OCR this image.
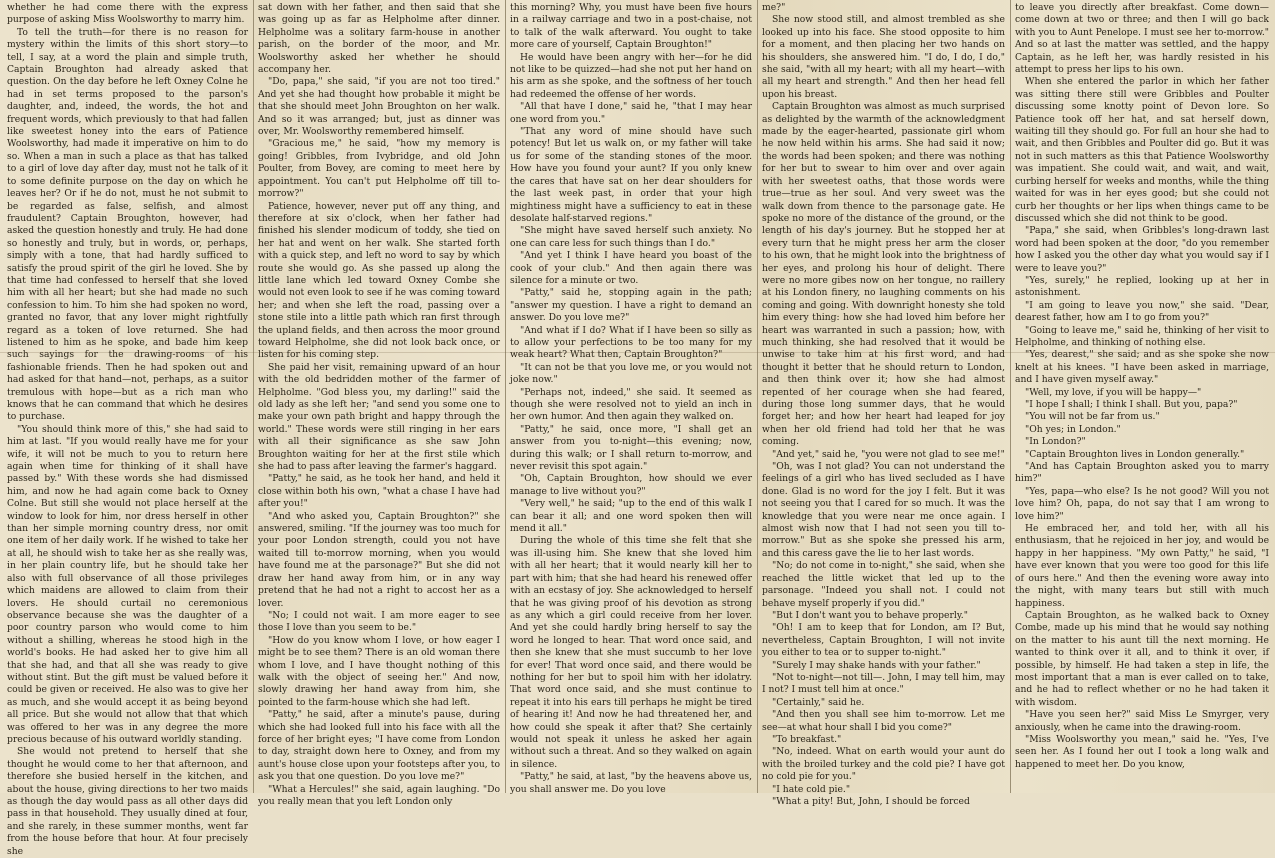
whether he had come there with the express purpose of asking Miss Woolsworthy to marry him.

To tell the truth—for there is no reason for mystery within the limits of this short story—to tell, I say, at a word the plain and simple truth, Captain Broughton had already asked that question. On the day before he left Oxney Colne he had in set terms proposed to the parson's daughter, and, indeed, the words, the hot and frequent words, which previously to that had fallen like sweetest honey into the ears of Patience Woolsworthy, had made it imperative on him to do so. When a man in such a place as that has talked to a girl of love day after day, must not he talk of it to some definite purpose on the day on which he leaves her? Or if he do not, must he not submit to be regarded as false, selfish, and almost fraudulent? Captain Broughton, however, had asked the question honestly and truly. He had done so honestly and truly, but in words, or, perhaps, simply with a tone, that had hardly sufficed to satisfy the proud spirit of the girl he loved. She by that time had confessed to herself that she loved him with all her heart; but she had made no such confession to him. To him she had spoken no word, granted no favor, that any lover might rightfully regard as a token of love returned. She had listened to him as he spoke, and bade him keep such sayings for the drawing-rooms of his fashionable friends. Then he had spoken out and had asked for that hand—not, perhaps, as a suitor tremulous with hope—but as a rich man who knows that he can command that which he desires to purchase.

"You should think more of this," she had said to him at last. "If you would really have me for your wife, it will not be much to you to return here again when time for thinking of it shall have passed by." With these words she had dismissed him, and now he had again come back to Oxney Colne. But still she would not place herself at the window to look for him, nor dress herself in other than her simple morning country dress, nor omit one item of her daily work. If he wished to take her at all, he should wish to take her as she really was, in her plain country life, but he should take her also with full observance of all those privileges which maidens are allowed to claim from their lovers. He should curtail no ceremonious observance because she was the daughter of a poor country parson who would come to him without a shilling, whereas he stood high in the world's books. He had asked her to give him all that she had, and that all she was ready to give without stint. But the gift must be valued before it could be given or received. He also was to give her as much, and she would accept it as being beyond all price. But she would not allow that that which was offered to her was in any degree the more precious because of his outward worldly standing.

She would not pretend to herself that she thought he would come to her that afternoon, and therefore she busied herself in the kitchen, and about the house, giving directions to her two maids as though the day would pass as all other days did pass in that household. They usually dined at four, and she rarely, in these summer months, went far from the house before that hour. At four precisely she

sat down with her father, and then said that she was going up as far as Helpholme after dinner. Helpholme was a solitary farm-house in another parish, on the border of the moor, and Mr. Woolsworthy asked her whether he should accompany her.

"Do, papa," she said, "if you are not too tired." And yet she had thought how probable it might be that she should meet John Broughton on her walk. And so it was arranged; but, just as dinner was over, Mr. Woolsworthy remembered himself.

"Gracious me," he said, "how my memory is going! Gribbles, from Ivybridge, and old John Poulter, from Bovey, are coming to meet here by appointment. You can't put Helpholme off till to-morrow?"

Patience, however, never put off any thing, and therefore at six o'clock, when her father had finished his slender modicum of toddy, she tied on her hat and went on her walk. She started forth with a quick step, and left no word to say by which route she would go. As she passed up along the little lane which led toward Oxney Combe she would not even look to see if he was coming toward her; and when she left the road, passing over a stone stile into a little path which ran first through the upland fields, and then across the moor ground toward Helpholme, she did not look back once, or listen for his coming step.

She paid her visit, remaining upward of an hour with the old bedridden mother of the farmer of Helpholme. "God bless you, my darling!" said the old lady as she left her; "and send you some one to make your own path bright and happy through the world." These words were still ringing in her ears with all their significance as she saw John Broughton waiting for her at the first stile which she had to pass after leaving the farmer's haggard.

"Patty," he said, as he took her hand, and held it close within both his own, "what a chase I have had after you!"

"And who asked you, Captain Broughton?" she answered, smiling. "If the journey was too much for your poor London strength, could you not have waited till to-morrow morning, when you would have found me at the parsonage?" But she did not draw her hand away from him, or in any way pretend that he had not a right to accost her as a lover.

"No; I could not wait. I am more eager to see those I love than you seem to be."

"How do you know whom I love, or how eager I might be to see them? There is an old woman there whom I love, and I have thought nothing of this walk with the object of seeing her." And now, slowly drawing her hand away from him, she pointed to the farm-house which she had left.

"Patty," he said, after a minute's pause, during which she had looked full into his face with all the force of her bright eyes; "I have come from London to day, straight down here to Oxney, and from my aunt's house close upon your footsteps after you, to ask you that one question. Do you love me?"

"What a Hercules!" she said, again laughing. "Do you really mean that you left London only

this morning? Why, you must have been five hours in a railway carriage and two in a post-chaise, not to talk of the walk afterward. You ought to take more care of yourself, Captain Broughton!"

He would have been angry with her—for he did not like to be quizzed—had she not put her hand on his arm as she spoke, and the softness of her touch had redeemed the offense of her words.

"All that have I done," said he, "that I may hear one word from you."

"That any word of mine should have such potency! But let us walk on, or my father will take us for some of the standing stones of the moor. How have you found your aunt? If you only knew the cares that have sat on her dear shoulders for the last week past, in order that your high mightiness might have a sufficiency to eat in these desolate half-starved regions."

"She might have saved herself such anxiety. No one can care less for such things than I do."

"And yet I think I have heard you boast of the cook of your club." And then again there was silence for a minute or two.

"Patty," said he, stopping again in the path; "answer my question. I have a right to demand an answer. Do you love me?"

"And what if I do? What if I have been so silly as to allow your perfections to be too many for my weak heart? What then, Captain Broughton?"

"It can not be that you love me, or you would not joke now."

"Perhaps not, indeed," she said. It seemed as though she were resolved not to yield an inch in her own humor. And then again they walked on.

"Patty," he said, once more, "I shall get an answer from you to-night—this evening; now, during this walk; or I shall return to-morrow, and never revisit this spot again."

"Oh, Captain Broughton, how should we ever manage to live without you?"

"Very well," he said; "up to the end of this walk I can bear it all; and one word spoken then will mend it all."

During the whole of this time she felt that she was ill-using him. She knew that she loved him with all her heart; that it would nearly kill her to part with him; that she had heard his renewed offer with an ecstasy of joy. She acknowledged to herself that he was giving proof of his devotion as strong as any which a girl could receive from her lover. And yet she could hardly bring herself to say the word he longed to hear. That word once said, and then she knew that she must succumb to her love for ever! That word once said, and there would be nothing for her but to spoil him with her idolatry. That word once said, and she must continue to repeat it into his ears till perhaps he might be tired of hearing it! And now he had threatened her, and how could she speak it after that? She certainly would not speak it unless he asked her again without such a threat. And so they walked on again in silence.

"Patty," he said, at last, "by the heavens above us, you shall answer me. Do you love

me?"

She now stood still, and almost trembled as she looked up into his face. She stood opposite to him for a moment, and then placing her two hands on his shoulders, she answered him. "I do, I do, I do," she said, "with all my heart; with all my heart—with all my heart and strength." And then her head fell upon his breast.

Captain Broughton was almost as much surprised as delighted by the warmth of the acknowledgment made by the eager-hearted, passionate girl whom he now held within his arms. She had said it now; the words had been spoken; and there was nothing for her but to swear to him over and over again with her sweetest oaths, that those words were true—true as her soul. And very sweet was the walk down from thence to the parsonage gate. He spoke no more of the distance of the ground, or the length of his day's journey. But he stopped her at every turn that he might press her arm the closer to his own, that he might look into the brightness of her eyes, and prolong his hour of delight. There were no more gibes now on her tongue, no raillery at his London finery, no laughing comments on his coming and going. With downright honesty she told him every thing: how she had loved him before her heart was warranted in such a passion; how, with much thinking, she had resolved that it would be unwise to take him at his first word, and had thought it better that he should return to London, and then think over it; how she had almost repented of her courage when she had feared, during those long summer days, that he would forget her; and how her heart had leaped for joy when her old friend had told her that he was coming.

"And yet," said he, "you were not glad to see me!"

"Oh, was I not glad? You can not understand the feelings of a girl who has lived secluded as I have done. Glad is no word for the joy I felt. But it was not seeing you that I cared for so much. It was the knowledge that you were near me once again. I almost wish now that I had not seen you till to-morrow." But as she spoke she pressed his arm, and this caress gave the lie to her last words.

"No; do not come in to-night," she said, when she reached the little wicket that led up to the parsonage. "Indeed you shall not. I could not behave myself properly if you did."

"But I don't want you to behave properly."

"Oh! I am to keep that for London, am I? But, nevertheless, Captain Broughton, I will not invite you either to tea or to supper to-night."

"Surely I may shake hands with your father."

"Not to-night—not till—. John, I may tell him, may I not? I must tell him at once."

"Certainly," said he.

"And then you shall see him to-morrow. Let me see—at what hour shall I bid you come?"

"To breakfast."

"No, indeed. What on earth would your aunt do with the broiled turkey and the cold pie? I have got no cold pie for you."

"I hate cold pie."

"What a pity! But, John, I should be forced

to leave you directly after breakfast. Come down—come down at two or three; and then I will go back with you to Aunt Penelope. I must see her to-morrow." And so at last the matter was settled, and the happy Captain, as he left her, was hardly resisted in his attempt to press her lips to his own.

When she entered the parlor in which her father was sitting there still were Gribbles and Poulter discussing some knotty point of Devon lore. So Patience took off her hat, and sat herself down, waiting till they should go. For full an hour she had to wait, and then Gribbles and Poulter did go. But it was not in such matters as this that Patience Woolsworthy was impatient. She could wait, and wait, and wait, curbing herself for weeks and months, while the thing waited for was in her eyes good; but she could not curb her thoughts or her lips when things came to be discussed which she did not think to be good.

"Papa," she said, when Gribbles's long-drawn last word had been spoken at the door, "do you remember how I asked you the other day what you would say if I were to leave you?"

"Yes, surely," he replied, looking up at her in astonishment.

"I am going to leave you now," she said. "Dear, dearest father, how am I to go from you?"

"Going to leave me," said he, thinking of her visit to Helpholme, and thinking of nothing else.

"Yes, dearest," she said; and as she spoke she now knelt at his knees. "I have been asked in marriage, and I have given myself away."

"Well, my love, if you will be happy—"

"I hope I shall; I think I shall. But you, papa?"

"You will not be far from us."

"Oh yes; in London."

"In London?"

"Captain Broughton lives in London generally."

"And has Captain Broughton asked you to marry him?"

"Yes, papa—who else? Is he not good? Will you not love him? Oh, papa, do not say that I am wrong to love him?"

He embraced her, and told her, with all his enthusiasm, that he rejoiced in her joy, and would be happy in her happiness. "My own Patty," he said, "I have ever known that you were too good for this life of ours here." And then the evening wore away into the night, with many tears but still with much happiness.

Captain Broughton, as he walked back to Oxney Combe, made up his mind that he would say nothing on the matter to his aunt till the next morning. He wanted to think over it all, and to think it over, if possible, by himself. He had taken a step in life, the most important that a man is ever called on to take, and he had to reflect whether or no he had taken it with wisdom.

"Have you seen her?" said Miss Le Smyrger, very anxiously, when he came into the drawing-room.

"Miss Woolsworthy you mean," said he. "Yes, I've seen her. As I found her out I took a long walk and happened to meet her. Do you know,
